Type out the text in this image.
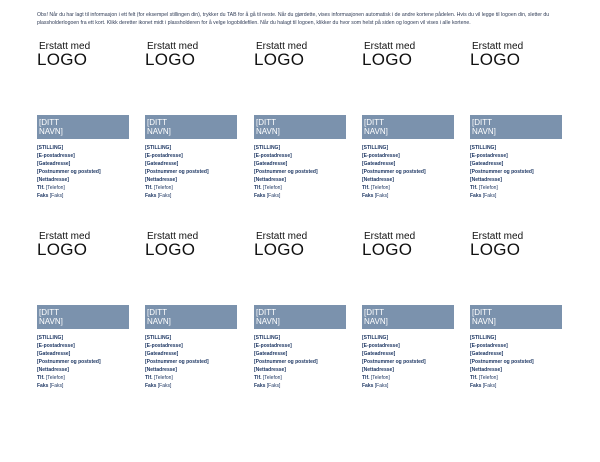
Obs! Når du har lagt til informasjon i ett felt (for eksempel stillingen din), trykker du TAB for å gå til neste. Når du gjørdette, vises informasjonen automatisk i de andre kortene pådelen. Hvis du vil legge til logoen din, sletter du plassholderlogoen fra ett kort. Klikk deretter ikonet midt i plassholderen for å velge logobildefilen. Når du halagt til logoen, klikker du hvor som helst på siden og logoen vil vises i alle kortene.
Erstatt med
LOGO
[DITT
NAVN]
[STILLING]
[E-postadresse]
[Gateadresse]
[Postnummer og poststed]
[Nettadresse]
Tlf. [Telefon]
Faks [Faks]
Erstatt med
LOGO
[DITT
NAVN]
[STILLING]
[E-postadresse]
[Gateadresse]
[Postnummer og poststed]
[Nettadresse]
Tlf. [Telefon]
Faks [Faks]
Erstatt med
LOGO
[DITT
NAVN]
[STILLING]
[E-postadresse]
[Gateadresse]
[Postnummer og poststed]
[Nettadresse]
Tlf. [Telefon]
Faks [Faks]
Erstatt med
LOGO
[DITT
NAVN]
[STILLING]
[E-postadresse]
[Gateadresse]
[Postnummer og poststed]
[Nettadresse]
Tlf. [Telefon]
Faks [Faks]
Erstatt med
LOGO
[DITT
NAVN]
[STILLING]
[E-postadresse]
[Gateadresse]
[Postnummer og poststed]
[Nettadresse]
Tlf. [Telefon]
Faks [Faks]
Erstatt med
LOGO
[DITT
NAVN]
[STILLING]
[E-postadresse]
[Gateadresse]
[Postnummer og poststed]
[Nettadresse]
Tlf. [Telefon]
Faks [Faks]
Erstatt med
LOGO
[DITT
NAVN]
[STILLING]
[E-postadresse]
[Gateadresse]
[Postnummer og poststed]
[Nettadresse]
Tlf. [Telefon]
Faks [Faks]
Erstatt med
LOGO
[DITT
NAVN]
[STILLING]
[E-postadresse]
[Gateadresse]
[Postnummer og poststed]
[Nettadresse]
Tlf. [Telefon]
Faks [Faks]
Erstatt med
LOGO
[DITT
NAVN]
[STILLING]
[E-postadresse]
[Gateadresse]
[Postnummer og poststed]
[Nettadresse]
Tlf. [Telefon]
Faks [Faks]
Erstatt med
LOGO
[DITT
NAVN]
[STILLING]
[E-postadresse]
[Gateadresse]
[Postnummer og poststed]
[Nettadresse]
Tlf. [Telefon]
Faks [Faks]
